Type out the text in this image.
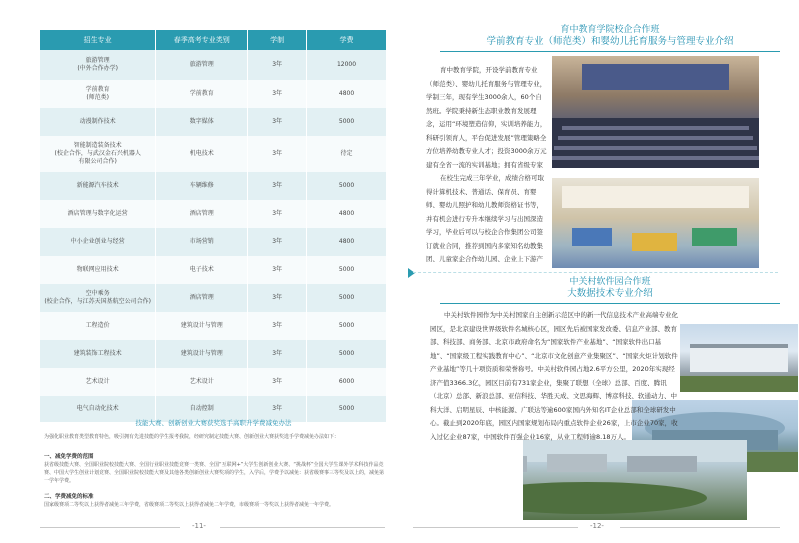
招生专业	春季高考专业类别	学制	学费
旅游管理
(中外合作办学)	旅游管理	3年	12000
学前教育
(师范类)	学前教育	3年	4800
动漫制作技术	数字媒体	3年	5000
智能制造装备技术
(校企合作，与武汉金石兴机器人
有限公司合作)	机电技术	3年	待定
新能源汽车技术	车辆维修	3年	5000
酒店管理与数字化运营	酒店管理	3年	4800
中小企业创业与经营	市场营销	3年	4800
物联网应用技术	电子技术	3年	5000
空中乘务
(校企合作，与江苏天国基航空公司合作)	酒店管理	3年	5000
工程造价	建筑设计与管理	3年	5000
建筑装饰工程技术	建筑设计与管理	3年	5000
艺术设计	艺术设计	3年	6000
电气自动化技术	自动控制	3年	5000
技能大赛、创新创业大赛获奖选手高职升学费减免办法
为强化职业教育类型教育特色，吸引拥有先进技能的学生报考我院，经研究制定技能大赛、创新创业大赛获奖选手学费减免办法如下：
一、减免学费的范围
获省级技能大赛、全国职业院校技能大赛、全国行业职业技能竞赛一类赛、全国“互联网+”大学生创新创业大赛、“挑战杯”全国大学生课外学术科技作品竞赛、中国大学生创业计划竞赛、全国职业院校技能大赛及其他各类创新创业大赛奖项的学生，入学后，学费予以减免：获省级赛事三等奖及以上的，减免第一学年学费。
二、学费减免的标准
国家级赛项二等奖以上获得者减免三年学费，省级赛项二等奖以上获得者减免二年学费，市级赛项一等奖以上获得者减免一年学费。
-11-
育中教育学院校企合作班
学前教育专业（师范类）和婴幼儿托育服务与管理专业介绍
育中教育学院，开设学前教育专业（师范类）、婴幼儿托育服务与管理专业，学制三年，现有学生3000余人，60个自然班。学院秉持新生态职业教育发展理念，运用“环境塑造信仰，实训培养能力，科研引领育人，平台促进发展”管理策略全方位培养幼教专业人才；投资3000余万元建有全省一流的实训基地；拥有省级专家
在校生完成三年学业，成绩合格可取得计算机技术、普通话、保育员、育婴师、婴幼儿照护和幼儿教师资格证书等，并有机会进行专升本继续学习与出国深造学习，毕业后可以与校企合作集团公司签订就业合同，推荐到国内多家知名幼教集团、儿童家企合作幼儿园、企业上下游产
中关村软件园合作班
大数据技术专业介绍
中关村软件园作为中关村国家自主创新示范区中的新一代信息技术产业高端专业化园区，是北京建设世界级软件名城核心区，园区先后被国家发改委、信息产业部、教育部、科技部、商务部、北京市政府命名为“国家软件产业基地”、“国家软件出口基地”、“国家级工程实践教育中心”、“北京市文化创意产业集聚区”、“国家火炬计划软件产业基地”等几十项资质和荣誉称号。中关村软件园占地2.6平方公里，2020年实现经济产值3366.3亿，园区目前有731家企业，集聚了联想（全球）总部、百度、腾讯（北京）总部、新浪总部、亚信科技、华胜天成、文思海辉、博彦科技、软通动力、中科大洋、启明星辰、中核能源、广联达等逾600家国内外知名IT企业总部和全球研发中心。截止到2020年底，园区内国家规划布局内重点软件企业26家，上市企业70家，收入过亿企业87家，中国软件百强企业16家，从业工程师逾8.18万人。
-12-
